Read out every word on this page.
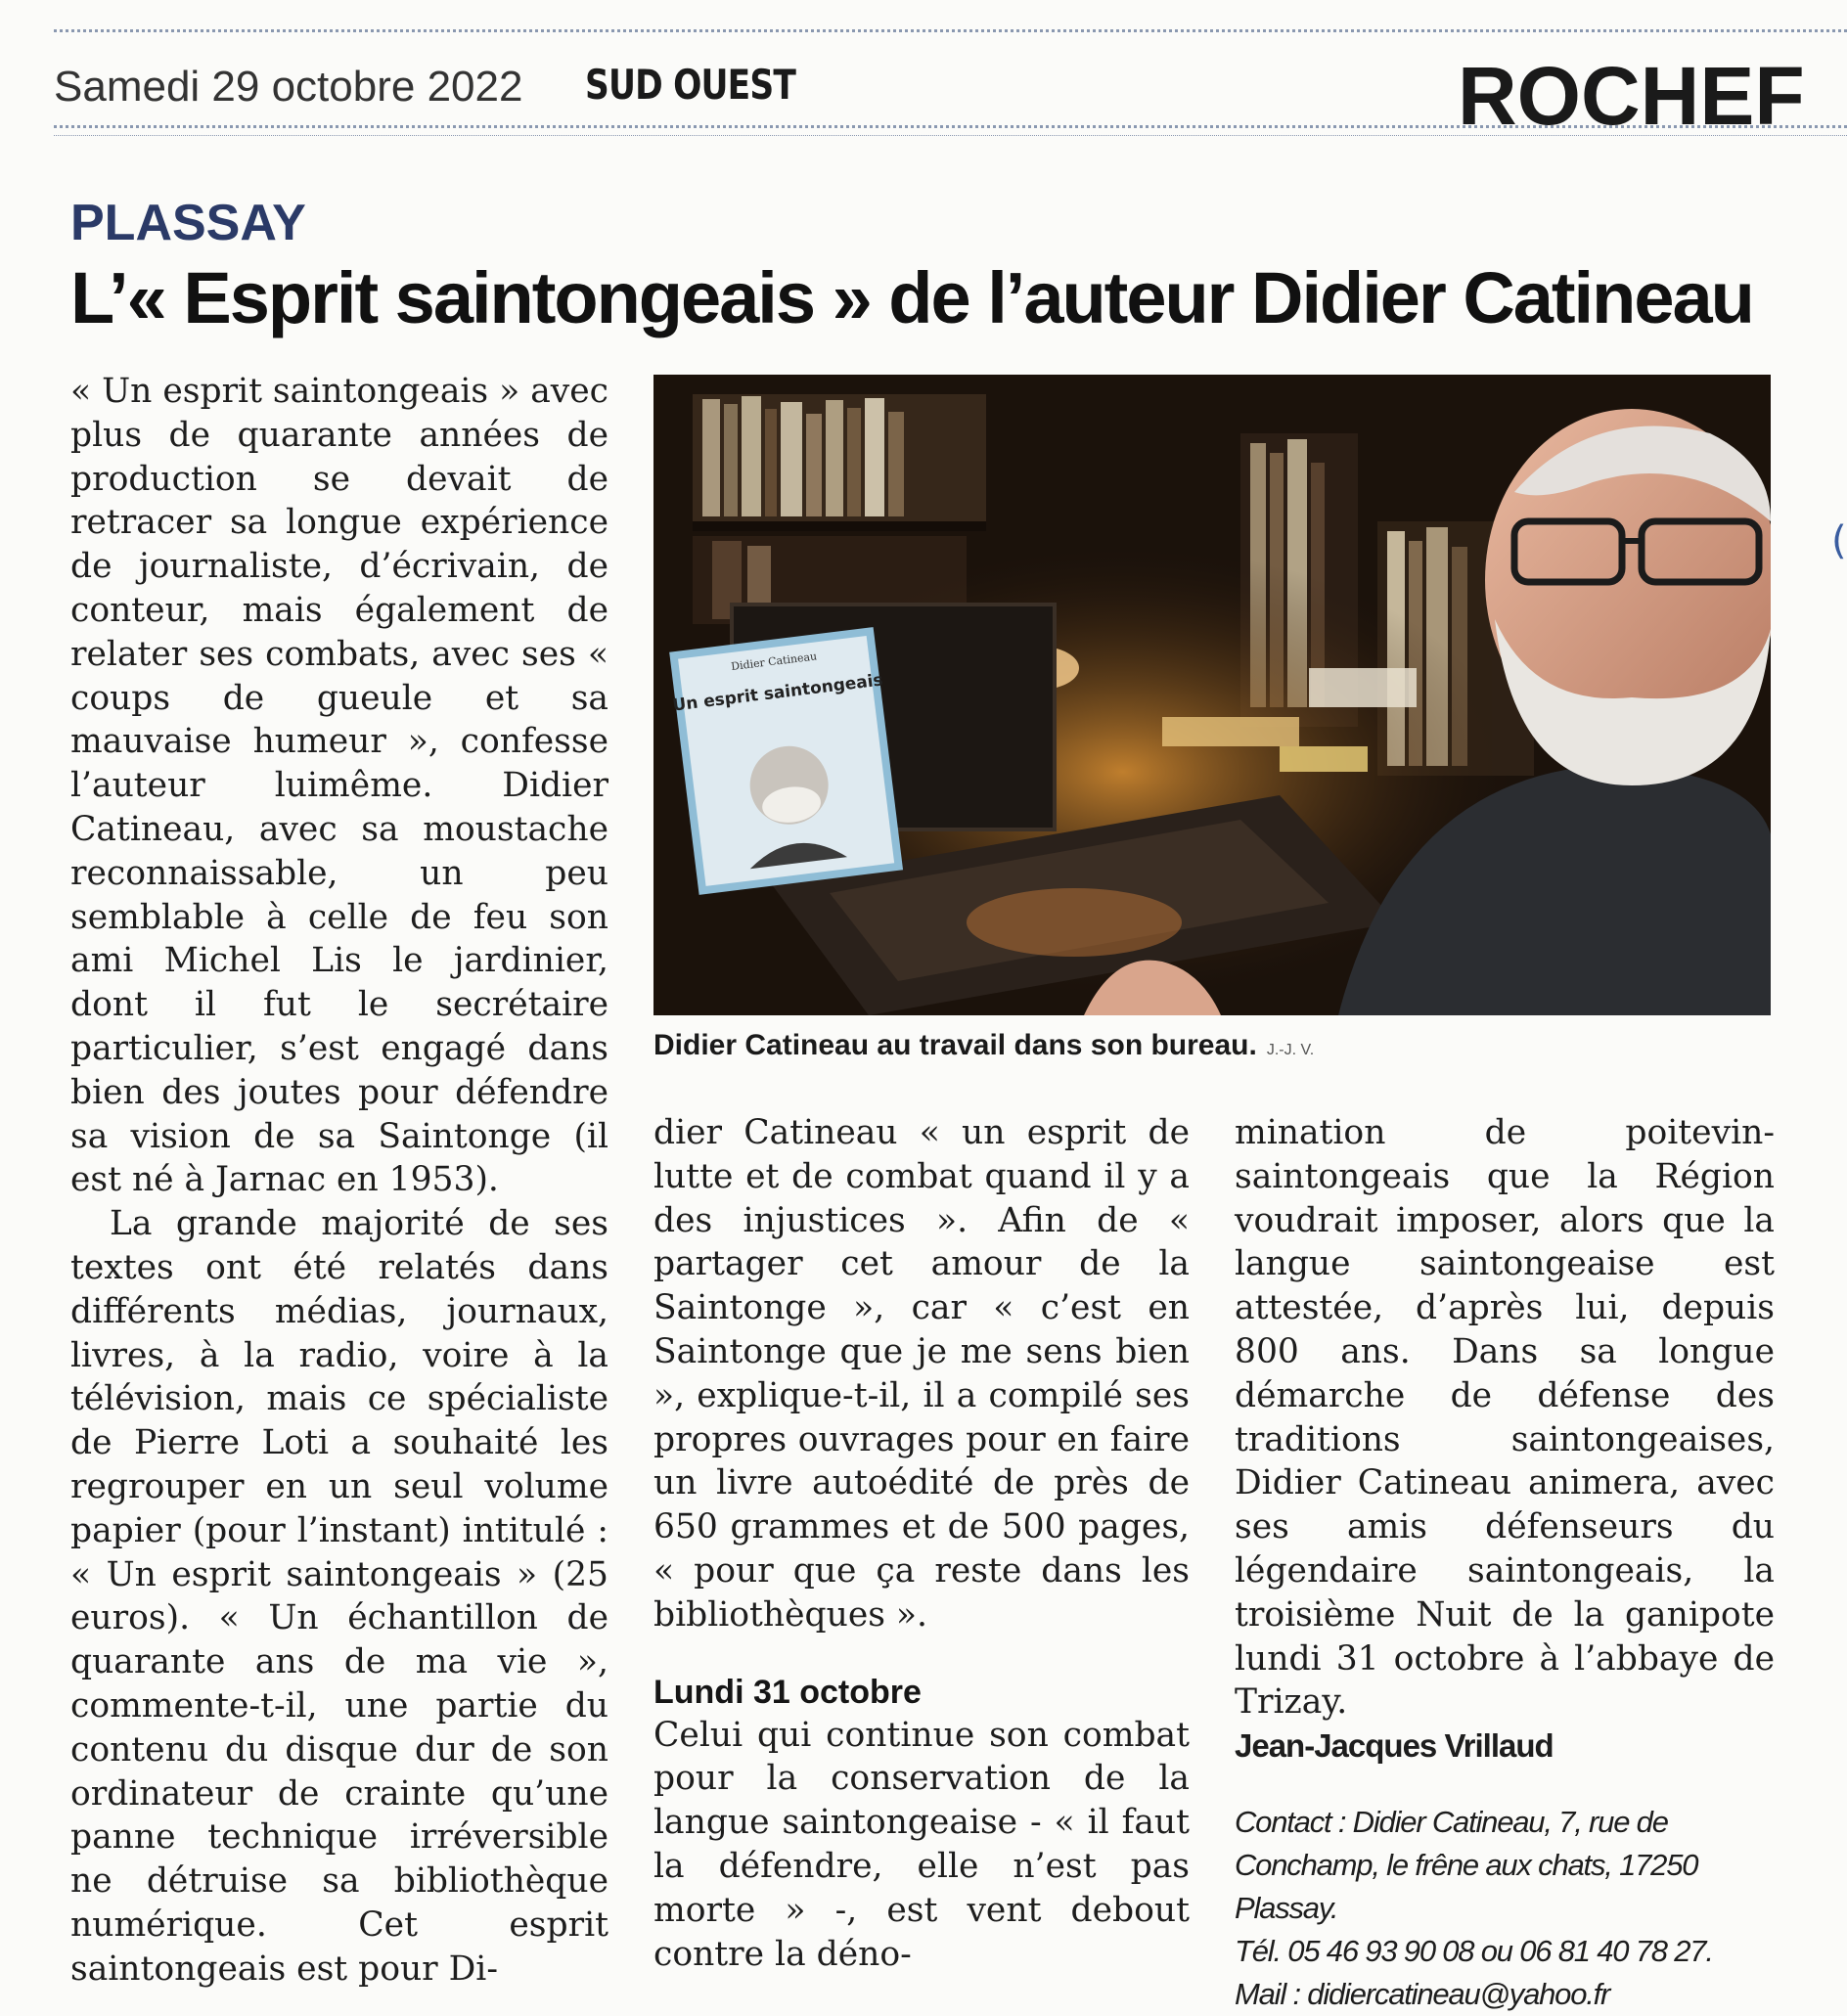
Samedi 29 octobre 2022 SUD OUEST	ROCHEF
PLASSAY
L’« Esprit saintongeais » de l’auteur Didier Catineau

« Un esprit saintongeais » avec plus de quarante années de production se devait de retracer sa longue expérience de journaliste, d’écrivain, de conteur, mais également de relater ses combats, avec ses « coups de gueule et sa mauvaise humeur », confesse l’auteur luimême. Didier Catineau, avec sa moustache reconnaissable, un peu semblable à celle de feu son ami Michel Lis le jardinier, dont il fut le secrétaire particulier, s’est engagé dans bien des joutes pour défendre sa vision de sa Saintonge (il est né à Jarnac en 1953).

La grande majorité de ses textes ont été relatés dans différents médias, journaux, livres, à la radio, voire à la télévision, mais ce spécialiste de Pierre Loti a souhaité les regrouper en un seul volume papier (pour l’instant) intitulé : « Un esprit saintongeais » (25 euros). « Un échantillon de quarante ans de ma vie », commente-t-il, une partie du contenu du disque dur de son ordinateur de crainte qu’une panne technique irréversible ne détruise sa bibliothèque numérique. Cet esprit saintongeais est pour Di-

Didier Catineau
Un esprit saintongeais
Didier Catineau au travail dans son bureau. J.-J. V.

dier Catineau « un esprit de lutte et de combat quand il y a des injustices ». Afin de « partager cet amour de la Saintonge », car « c’est en Saintonge que je me sens bien », explique-t-il, il a compilé ses propres ouvrages pour en faire un livre autoédité de près de 650 grammes et de 500 pages, « pour que ça reste dans les bibliothèques ».

Lundi 31 octobre

Celui qui continue son combat pour la conservation de la langue saintongeaise - « il faut la défendre, elle n’est pas morte » -, est vent debout contre la déno-

mination de poitevin-saintongeais que la Région voudrait imposer, alors que la langue saintongeaise est attestée, d’après lui, depuis 800 ans. Dans sa longue démarche de défense des traditions saintongeaises, Didier Catineau animera, avec ses amis défenseurs du légendaire saintongeais, la troisième Nuit de la ganipote lundi 31 octobre à l’abbaye de Trizay.

Jean-Jacques Vrillaud
Contact : Didier Catineau, 7, rue de Conchamp, le frêne aux chats, 17250 Plassay.
Tél. 05 46 93 90 08 ou 06 81 40 78 27.
Mail : didiercatineau@yahoo.fr
(
